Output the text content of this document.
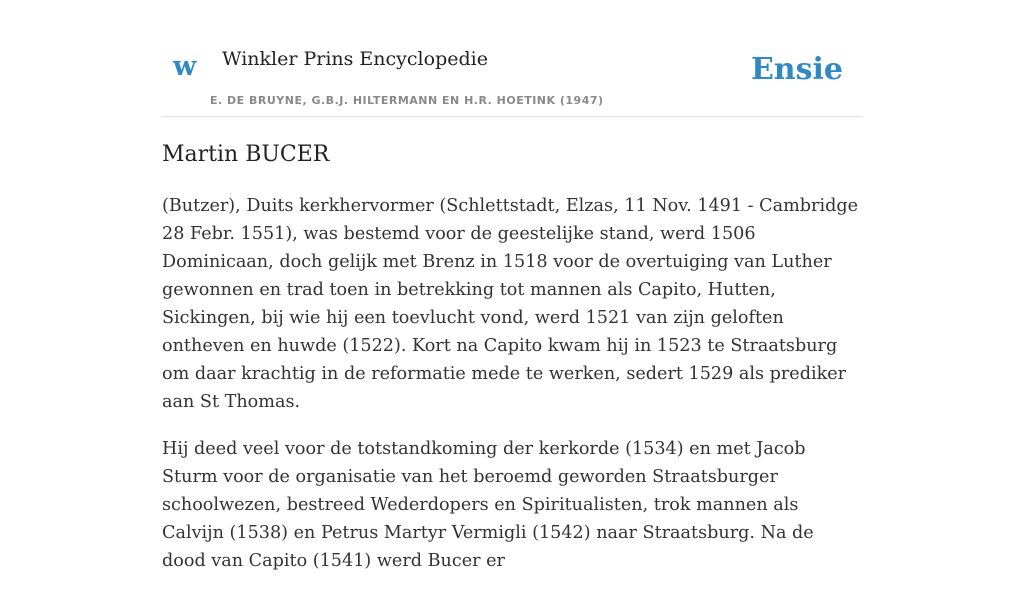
w Winkler Prins Encyclopedie
E. DE BRUYNE, G.B.J. HILTERMANN EN H.R. HOETINK (1947)
Ensie
Martin BUCER

(Butzer), Duits kerkhervormer (Schlettstadt, Elzas, 11 Nov. 1491 - Cambridge 28 Febr. 1551), was bestemd voor de geestelijke stand, werd 1506 Dominicaan, doch gelijk met Brenz in 1518 voor de overtuiging van Luther gewonnen en trad toen in betrekking tot mannen als Capito, Hutten, Sickingen, bij wie hij een toevlucht vond, werd 1521 van zijn geloften ontheven en huwde (1522). Kort na Capito kwam hij in 1523 te Straatsburg om daar krachtig in de reformatie mede te werken, sedert 1529 als prediker aan St Thomas.

Hij deed veel voor de totstandkoming der kerkorde (1534) en met Jacob Sturm voor de organisatie van het beroemd geworden Straatsburger schoolwezen, bestreed Wederdopers en Spiritualisten, trok mannen als Calvijn (1538) en Petrus Martyr Vermigli (1542) naar Straatsburg. Na de dood van Capito (1541) werd Bucer er
